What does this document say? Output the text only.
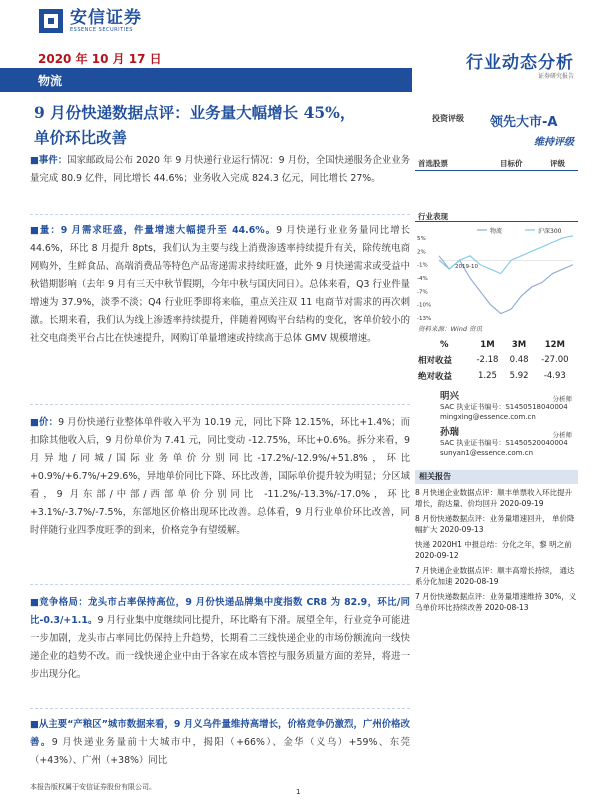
安信证券
ESSENCE SECURITIES
2020 年 10 月 17 日	行业动态分析
证券研究报告
物流
9 月份快递数据点评：业务量大幅增长 45%，
单价环比改善
■事件：国家邮政局公布 2020 年 9 月快递行业运行情况：9 月份，全国快递服务企业业务量完成 80.9 亿件，同比增长 44.6%；业务收入完成 824.3 亿元，同比增长 27%。
■量：9 月需求旺盛，件量增速大幅提升至 44.6%。9 月快递行业业务量同比增长 44.6%，环比 8 月提升 8pts，我们认为主要与线上消费渗透率持续提升有关，除传统电商网购外，生鲜食品、高端消费品等特色产品寄递需求持续旺盛，此外 9 月快递需求或受益中秋错期影响（去年 9 月有三天中秋节假期，今年中秋与国庆同日）。总体来看，Q3 行业件量增速为 37.9%，淡季不淡；Q4 行业旺季即将来临，重点关注双 11 电商节对需求的再次刺激。长期来看，我们认为线上渗透率持续提升，伴随着网购平台结构的变化，客单价较小的社交电商类平台占比在快速提升，网购订单量增速或持续高于总体 GMV 规模增速。
■价：9 月份快递行业整体单件收入平为 10.19 元，同比下降 12.15%，环比+1.4%；而扣除其他收入后，9 月份单价为 7.41 元，同比变动 -12.75%，环比+0.6%。拆分来看，9 月异地/同城/国际业务单价分别同比-17.2%/-12.9%/+51.8%，环比+0.9%/+6.7%/+29.6%，异地单价同比下降、环比改善，国际单价提升较为明显；分区域看，9 月东部/中部/西部单价分别同比 -11.2%/-13.3%/-17.0%，环比 +3.1%/-3.7%/-7.5%，东部地区价格出现环比改善。总体看，9 月行业单价环比改善，同时伴随行业四季度旺季的到来，价格竞争有望缓解。
■竞争格局：龙头市占率保持高位，9 月份快递品牌集中度指数 CR8 为 82.9，环比/同比-0.3/+1.1。9 月行业集中度继续同比提升，环比略有下滑。展望全年，行业竞争可能进一步加剧，龙头市占率同比仍保持上升趋势，长期看二三线快递企业的市场份额流向一线快递企业的趋势不改。而一线快递企业中由于各家在成本管控与服务质量方面的差异，将进一步出现分化。
■从主要“产粮区”城市数据来看，9 月义乌件量维持高增长，价格竞争仍激烈，广州价格改善。9 月快递业务量前十大城市中，揭阳（+66%）、金华（义乌）+59%、东莞（+43%）、广州（+38%）同比
投资评级 领先大市-A
维持评级
首选股票	目标价	评级
行业表现
5%
2%
-1%
-4%
-7%
-10%
-13%
物流	沪深300
2019-10
资料来源：Wind 资讯
%	1M	3M	12M
相对收益	-2.18	0.48	-27.00
绝对收益	1.25	5.92	-4.93
明兴	分析师
SAC 执业证书编号：S1450518040004
mingxing@essence.com.cn
孙瑞	分析师
SAC 执业证书编号：S1450520040004
sunyan1@essence.com.cn
相关报告
8 月快递企业数据点评：顺丰单票收入环比提升 增长，韵达量、价均回升 2020-09-19
8 月份快递数据点评：业务量增速回升， 单价降幅扩大 2020-09-13
快递 2020H1 中报总结：分化之年，黎 明之前 2020-09-12
7 月快递企业数据点评：顺丰高增长持续， 通达系分化加速 2020-08-19
7 月份快递数据点评：业务量增速维持 30%，义乌单价环比持续改善 2020-08-13
本报告版权属于安信证券股份有限公司。
1
